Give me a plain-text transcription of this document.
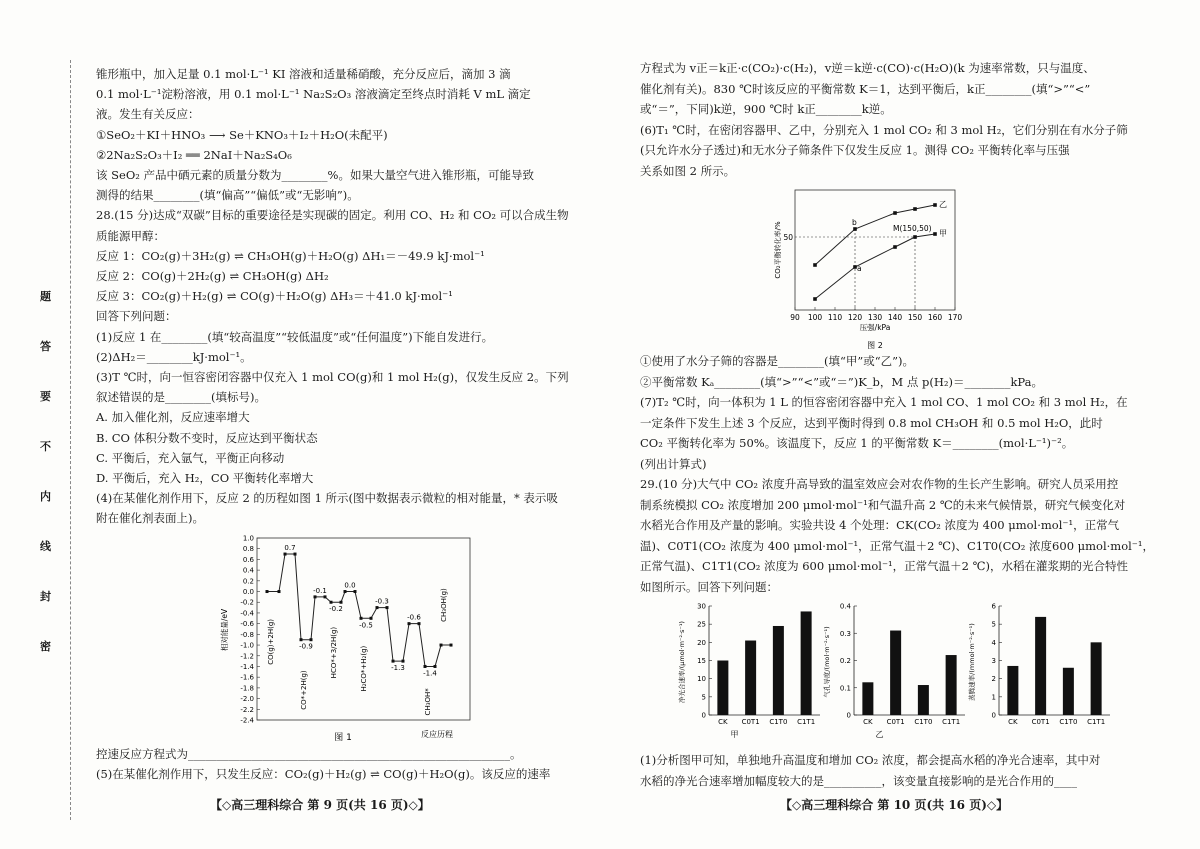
题
答
要
不
内
线
封
密
锥形瓶中，加入足量 0.1 mol·L⁻¹ KI 溶液和适量稀硝酸，充分反应后，滴加 3 滴
0.1 mol·L⁻¹淀粉溶液，用 0.1 mol·L⁻¹ Na₂S₂O₃ 溶液滴定至终点时消耗 V mL 滴定
液。发生有关反应：
①SeO₂＋KI＋HNO₃ ⟶ Se＋KNO₃＋I₂＋H₂O(未配平)
②2Na₂S₂O₃＋I₂ ══ 2NaI＋Na₂S₄O₆
该 SeO₂ 产品中硒元素的质量分数为________%。如果大量空气进入锥形瓶，可能导致
测得的结果________(填“偏高”“偏低”或“无影响”)。
28.(15 分)达成“双碳”目标的重要途径是实现碳的固定。利用 CO、H₂ 和 CO₂ 可以合成生物
质能源甲醇：
反应 1：CO₂(g)＋3H₂(g) ⇌ CH₃OH(g)＋H₂O(g) ΔH₁＝－49.9 kJ·mol⁻¹
反应 2：CO(g)＋2H₂(g) ⇌ CH₃OH(g) ΔH₂
反应 3：CO₂(g)＋H₂(g) ⇌ CO(g)＋H₂O(g) ΔH₃＝＋41.0 kJ·mol⁻¹
回答下列问题：
(1)反应 1 在________(填“较高温度”“较低温度”或“任何温度”)下能自发进行。
(2)ΔH₂＝________kJ·mol⁻¹。
(3)T ℃时，向一恒容密闭容器中仅充入 1 mol CO(g)和 1 mol H₂(g)，仅发生反应 2。下列
叙述错误的是________(填标号)。
A. 加入催化剂，反应速率增大
B. CO 体积分数不变时，反应达到平衡状态
C. 平衡后，充入氩气，平衡正向移动
D. 平衡后，充入 H₂，CO 平衡转化率增大
(4)在某催化剂作用下，反应 2 的历程如图 1 所示(图中数据表示微粒的相对能量，* 表示吸
附在催化剂表面上)。
1.0
0.8
0.6
0.4
0.2
0.0
-0.2
-0.4
-0.6
-0.8
-1.0
-1.2
-1.4
-1.6
-1.8
-2.0
-2.2
-2.4
相对能量/eV
反应历程
图 1
0.7
-0.1
0.0
-0.2
-0.9
-0.3
-0.5
-0.6
-1.3
-1.4
CO(g)+2H(g)
CO*+2H(g)
HCO*+3/2H(g)	H₂CO*+H₂(g)
CH₃OH*
CH₃OH(g)
控速反应方程式为________________________________________________________。
(5)在某催化剂作用下，只发生反应：CO₂(g)＋H₂(g) ⇌ CO(g)＋H₂O(g)。该反应的速率
【◇高三理科综合 第 9 页(共 16 页)◇】
方程式为 v正＝k正·c(CO₂)·c(H₂)，v逆＝k逆·c(CO)·c(H₂O)(k 为速率常数，只与温度、
催化剂有关)。830 ℃时该反应的平衡常数 K＝1，达到平衡后，k正________(填“>”“<”
或“＝”，下同)k逆，900 ℃时 k正________k逆。
(6)T₁ ℃时，在密闭容器甲、乙中，分别充入 1 mol CO₂ 和 3 mol H₂，它们分别在有水分子筛
(只允许水分子透过)和无水分子筛条件下仅发生反应 1。测得 CO₂ 平衡转化率与压强
关系如图 2 所示。
90 100 110 120 130 140 150 160 170
压强/kPa
图 2
CO₂平衡转化率/% 50
乙
甲
b
a
M(150,50)
①使用了水分子筛的容器是________(填“甲”或“乙”)。
②平衡常数 Kₐ________(填“>”“<”或“＝”)K_b，M 点 p(H₂)＝________kPa。
(7)T₂ ℃时，向一体积为 1 L 的恒容密闭容器中充入 1 mol CO、1 mol CO₂ 和 3 mol H₂，在
一定条件下发生上述 3 个反应，达到平衡时得到 0.8 mol CH₃OH 和 0.5 mol H₂O，此时
CO₂ 平衡转化率为 50%。该温度下，反应 1 的平衡常数 K＝________(mol·L⁻¹)⁻²。
(列出计算式)
29.(10 分)大气中 CO₂ 浓度升高导致的温室效应会对农作物的生长产生影响。研究人员采用控
制系统模拟 CO₂ 浓度增加 200 μmol·mol⁻¹和气温升高 2 ℃的未来气候情景，研究气候变化对
水稻光合作用及产量的影响。实验共设 4 个处理：CK(CO₂ 浓度为 400 μmol·mol⁻¹，正常气
温)、C0T1(CO₂ 浓度为 400 μmol·mol⁻¹，正常气温＋2 ℃)、C1T0(CO₂ 浓度600 μmol·mol⁻¹，
正常气温)、C1T1(CO₂ 浓度为 600 μmol·mol⁻¹，正常气温＋2 ℃)，水稻在灌浆期的光合特性
如图所示。回答下列问题：
0
5
10
15
20
25
30
净光合速率/(μmol·m⁻²·s⁻¹)
CK C0T1 C1T0 C1T1
甲
0
0.1
0.2
0.3
0.4
气孔导度/(mol·m⁻²·s⁻¹)
CK C0T1 C1T0 C1T1
乙
0
1
2
3
4
5
6
蒸腾速率/(mmol·m⁻²·s⁻¹)
CK C0T1 C1T0 C1T1
(1)分析图甲可知，单独地升高温度和增加 CO₂ 浓度，都会提高水稻的净光合速率，其中对
水稻的净光合速率增加幅度较大的是__________，该变量直接影响的是光合作用的____
【◇高三理科综合 第 10 页(共 16 页)◇】
